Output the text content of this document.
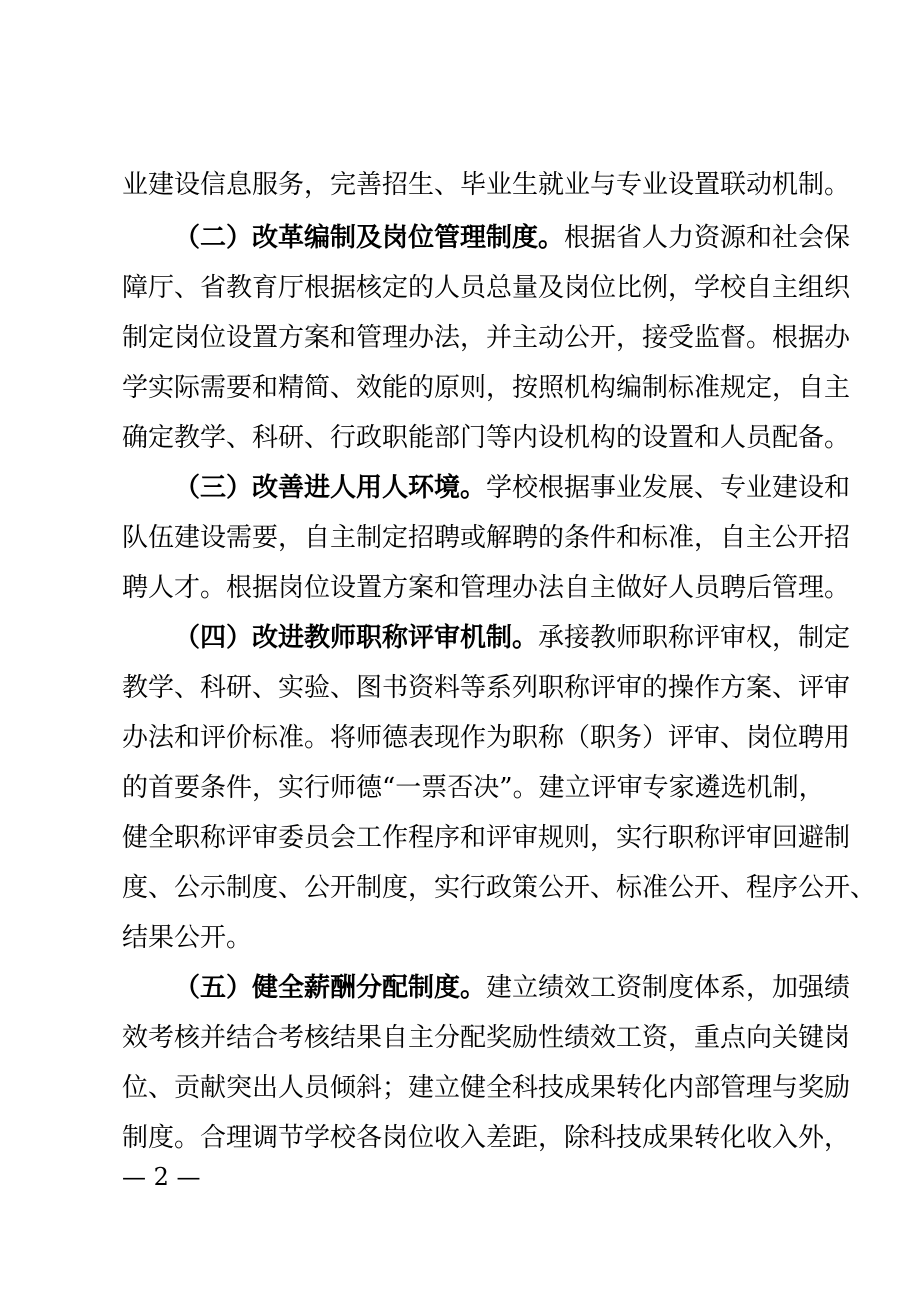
业建设信息服务，完善招生、毕业生就业与专业设置联动机制。
（二）改革编制及岗位管理制度。根据省人力资源和社会保
障厅、省教育厅根据核定的人员总量及岗位比例，学校自主组织
制定岗位设置方案和管理办法，并主动公开，接受监督。根据办
学实际需要和精简、效能的原则，按照机构编制标准规定，自主
确定教学、科研、行政职能部门等内设机构的设置和人员配备。
（三）改善进人用人环境。学校根据事业发展、专业建设和
队伍建设需要，自主制定招聘或解聘的条件和标准，自主公开招
聘人才。根据岗位设置方案和管理办法自主做好人员聘后管理。
（四）改进教师职称评审机制。承接教师职称评审权，制定
教学、科研、实验、图书资料等系列职称评审的操作方案、评审
办法和评价标准。将师德表现作为职称（职务）评审、岗位聘用
的首要条件，实行师德“一票否决”。建立评审专家遴选机制，
健全职称评审委员会工作程序和评审规则，实行职称评审回避制
度、公示制度、公开制度，实行政策公开、标准公开、程序公开、
结果公开。
（五）健全薪酬分配制度。建立绩效工资制度体系，加强绩
效考核并结合考核结果自主分配奖励性绩效工资，重点向关键岗
位、贡献突出人员倾斜；建立健全科技成果转化内部管理与奖励
制度。合理调节学校各岗位收入差距，除科技成果转化收入外，
— 2 —
